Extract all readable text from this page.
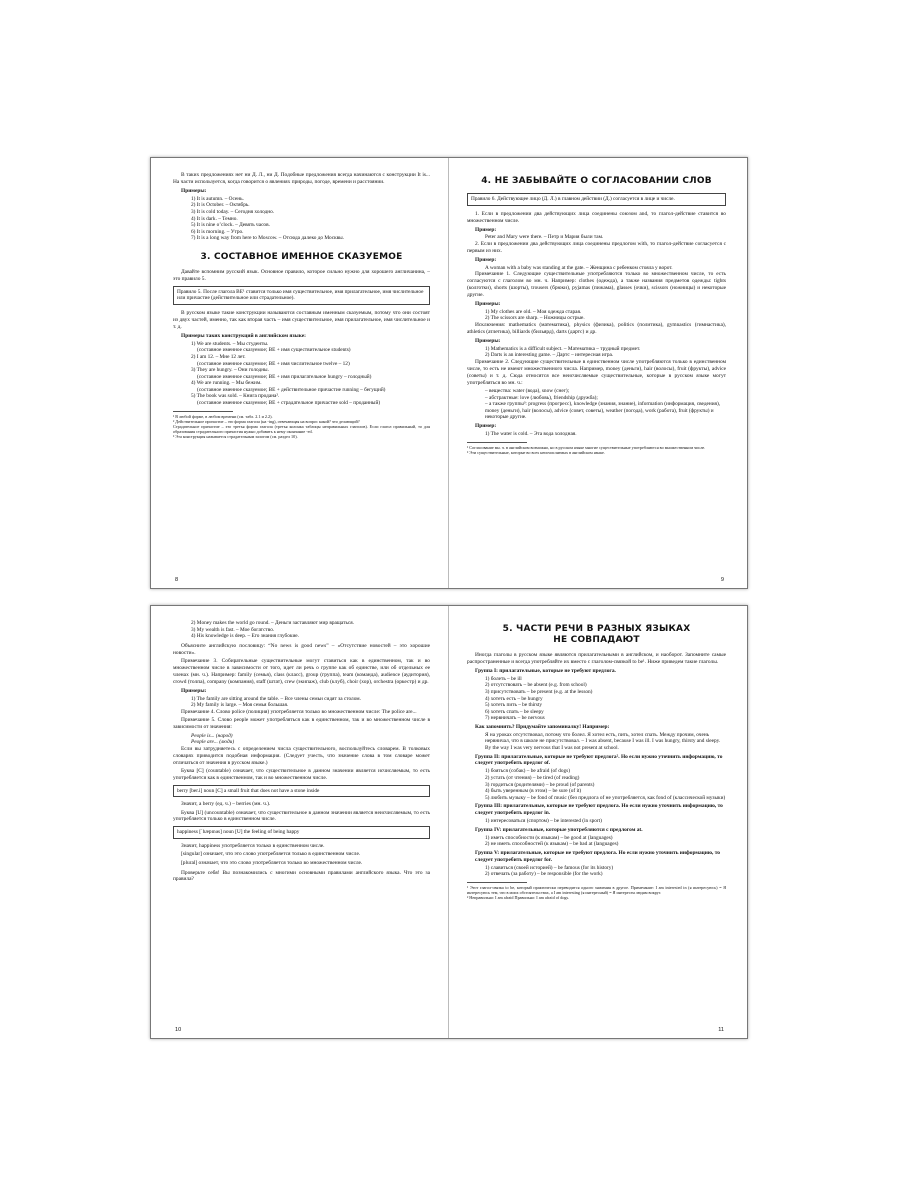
В таких предложениях нет ни Д. Л., ни Д. Подобные предложения всегда начинаются с конструкции It is... На части используется, когда говорится о явлениях природы, погоде, времени и расстоянии.

Примеры:
1) It is autumn. – Осень.
2) It is October. – Октябрь.
3) It is cold today. – Сегодня холодно.
4) It is dark. – Темно.
5) It is nine o’clock. – Девять часов.
6) It is morning. – Утро.
7) It is a long way from here to Moscow. – Отсюда далеко до Москвы.
3. СОСТАВНОЕ ИМЕННОЕ СКАЗУЕМОЕ

Давайте вспомним русский язык. Основное правило, которое сильно нужно для хорошего англичанина, – это правило 5.

Правило 5. После глагола BE¹ ставится только имя существительное, имя прилагательное, имя числительное или причастие (действительное или страдательное).

В русском языке такие конструкции называются составным именным сказуемым, потому что они состоят из двух частей, именно, так как вторая часть – имя существительное, имя прилагательное, имя числительное и т. д.

Примеры таких конструкций в английском языке:
1) We are students. – Мы студенты.
(составное именное сказуемое; BE + имя существительное students)
2) I am 12. – Мне 12 лет.
(составное именное сказуемое; BE + имя числительное twelve – 12)
3) They are hungry. – Они голодны.
(составное именное сказуемое; BE + имя прилагательное hungry – голодный)
4) We are running. – Мы бежим.
(составное именное сказуемое; BE + действительное причастие running – бегущий)
5) The book was sold. – Книга продана².
(составное именное сказуемое; BE + страдательное причастие sold – проданный)
¹ В любой форме, в любом времени (см. табл. 2.1 и 2.2).
² Действительное причастие – это форма глагола (на -ing), отвечающая на вопрос какой? что делающий?
Страдательное причастие – это третья форма глагола (третья колонка таблицы неправильных глаголов). Если глагол правильный, то для образования страдательного причастия нужно добавить к нему окончание -ed.
³ Эта конструкция называется страдательным залогом (см. раздел 10).
8
4. НЕ ЗАБЫВАЙТЕ О СОГЛАСОВАНИИ СЛОВ
Правило 6. Действующее лицо (Д. Л.) в главном действии (Д.) согласуется в лице и числе.

1. Если в предложении два действующих лица соединены союзом and, то глагол-действие ставится во множественном числе.

Пример:
Peter and Mary were there. – Петр и Мария были там.

2. Если в предложении два действующих лица соединены предлогом with, то глагол-действие согласуется с первым из них.

Пример:
A woman with a baby was standing at the gate. – Женщина с ребенком стояла у ворот.

Примечание 1. Следующие существительные употребляются только во множественном числе, то есть согласуются с глаголом во мн. ч. Например: clothes (одежда), а также названия предметов одежды: tights (колготки), shorts (шорты), trousers (брюки), pyjamas (пижама), glasses (очки), scissors (ножницы) и некоторые другие.

Примеры:
1) My clothes are old. – Моя одежда старая.
2) The scissors are sharp. – Ножницы острые.

Исключения: mathematics (математика), physics (физика), politics (политика), gymnastics (гимнастика), athletics (атлетика), billiards (бильярд), darts (дартс) и др.

Примеры:
1) Mathematics is a difficult subject. – Математика – трудный предмет.
2) Darts is an interesting game. – Дартс – интересная игра.

Примечание 2. Следующие существительные в единственном числе употребляются только в единственном числе, то есть не имеют множественного числа. Например, money (деньги), hair (волосы), fruit (фрукты), advice (советы) и т. д. Сюда относятся все неисчисляемые существительные, которые в русском языке могут употребляться во мн. ч.:

– вещества: water (вода), snow (снег);
– абстрактные: love (любовь), friendship (дружба);
– а также группы³: progress (прогресс), knowledge (знания, знание), information (информация, сведения), money (деньги), hair (волосы), advice (совет, советы), weather (погода), work (работа), fruit (фрукты) и некоторые другие.
Пример:
1) The water is cold. – Эта вода холодная.
¹ Согласование мн. ч. в английском возможно, но в русском языке многие существительные употребляются во множественном числе.
³ Эти существительные, которые во всех неисчисляемых в английском языке.
9
2) Money makes the world go round. – Деньги заставляют мир вращаться.
3) My wealth is fast. – Мое богатство.
4) His knowledge is deep. – Его знания глубокие.

Объясните английскую пословицу: “No news is good news” – «Отсутствие новостей – это хорошие новости».

Примечание 3. Собирательные существительные могут ставиться как в единственном, так и во множественном числе в зависимости от того, идет ли речь о группе как об единстве, или об отдельных ее членах (мн. ч.). Например: family (семья), class (класс), group (группа), team (команда), audience (аудитория), crowd (толпа), company (компания), staff (штат), crew (экипаж), club (клуб), choir (хор), orchestra (оркестр) и др.

Примеры:
1) The family are sitting around the table. – Все члены семьи сидят за столом.
2) My family is large. – Моя семья большая.

Примечание 4. Слово police (полиция) употребляется только во множественном числе: The police are...

Примечание 5. Слово people может употребляться как в единственном, так и во множественном числе в зависимости от значения:

People is... (народ)
People are... (люди)

Если вы затрудняетесь с определением числа существительного, воспользуйтесь словарем. В толковых словарях приводится подобная информация. (Следует учесть, что значение слова в том словаре может отличаться от значения в русском языке.)

Буква [C] (countable) означает, что существительное в данном значении является исчисляемым, то есть употребляется как в единственном, так и во множественном числе.

berry [ber.i] noun [C] a small fruit that does not have a stone inside

Значит, a berry (ед. ч.) – berries (мн. ч.).

Буква [U] (uncountable) означает, что существительное в данном значении является неисчисляемым, то есть употребляется только в единственном числе.

happiness [ˈhæpɪnəs] noun [U] the feeling of being happy

Значит, happiness употребляется только в единственном числе.

[singular] означает, что это слово употребляется только в единственном числе.

[plural] означает, что это слово употребляется только во множественном числе.

Проверьте себя! Вы познакомились с многими основными правилами английского языка. Что это за правила?

10
5. ЧАСТИ РЕЧИ В РАЗНЫХ ЯЗЫКАХ НЕ СОВПАДАЮТ

Иногда глаголы в русском языке являются прилагательными в английском, и наоборот. Запомните самые распространенные и всегда употребляйте их вместо с глаголом-связкой to be¹. Ниже приведем такие глаголы.

Группа I: прилагательные, которые не требуют предлога.
1) болеть – be ill
2) отсутствовать – be absent (e.g. from school)
3) присутствовать – be present (e.g. at the lesson)
4) хотеть есть – be hungry
5) хотеть пить – be thirsty
6) хотеть спать – be sleepy
7) нервничать – be nervous
Как запомнить? Придумайте запоминалку! Например:
Я на уроках отсутствовал, потому что болел. Я хотел есть, пить, хотел спать. Между прочим, очень нервничал, что в школе не присутствовал. – I was absent, because I was ill. I was hungry, thirsty and sleepy. By the way I was very nervous that I was not present at school.
Группа II: прилагательные, которые не требуют предлога². Но если нужно уточнить информацию, то следует употребить предлог of.
1) бояться (собак) – be afraid (of dogs)
2) устать (от чтения) – be tired (of reading)
3) гордиться (родителями) – be proud (of parents)
4) быть уверенным (в этом) – be sure (of it)
5) любить музыку – be fond of music (без предлога of не употребляется, как fond of (классической музыки)
Группа III: прилагательные, которые не требуют предлога. Но если нужно уточнить информацию, то следует употребить предлог in.
1) интересоваться (спортом) – be interested (in sport)
Группа IV: прилагательные, которые употребляются с предлогом at.
1) иметь способности (к языкам) – be good at (languages)
2) не иметь способностей (к языкам) – be bad at (languages)
Группа V: прилагательные, которые не требуют предлога. Но если нужно уточнить информацию, то следует употребить предлог for.
1) славиться (своей историей) – be famous (for its history)
2) отвечать (за работу) – be responsible (for the work)
¹ Этот глагол-связка to be, который практически переводится одного значения в другое. Примечание: I am interested in (я интересуюсь) = Я интересуюсь тем, что в моих обстоятельствах, а I am interesting (я интересный) = Я интересен людям вокруг.
² Неправильно: I am afraid Правильно: I am afraid of dogs.
11
